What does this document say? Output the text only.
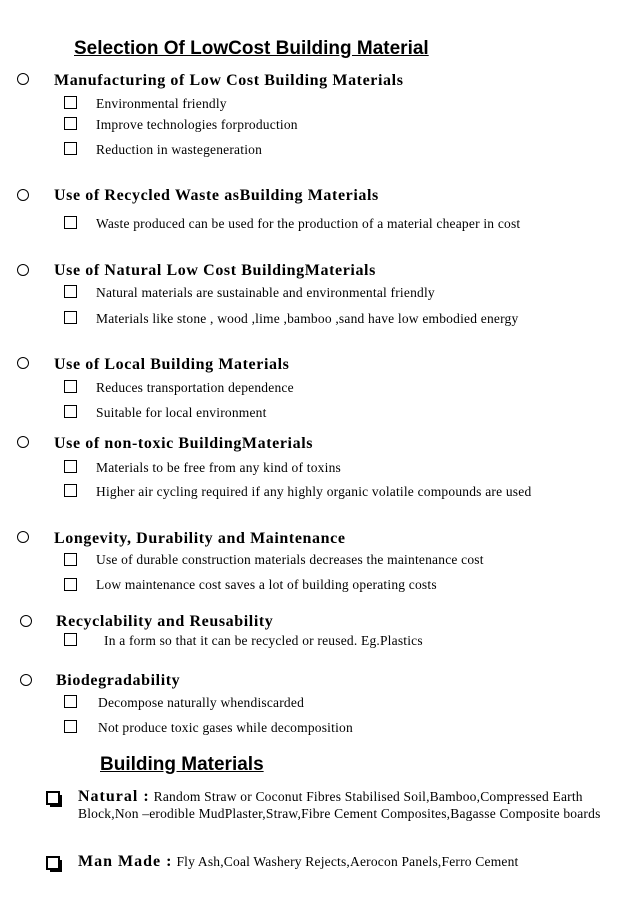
Selection Of LowCost Building Material
Manufacturing of Low Cost Building Materials
Environmental friendly
Improve technologies forproduction
Reduction in wastegeneration
Use of Recycled Waste asBuilding Materials
Waste produced can be used for the production of a material cheaper in cost
Use of Natural Low Cost BuildingMaterials
Natural materials are sustainable and environmental friendly
Materials like stone , wood ,lime ,bamboo ,sand have low embodied energy
Use of Local Building Materials
Reduces transportation dependence
Suitable for local environment
Use of non-toxic BuildingMaterials
Materials to be free from any kind of toxins
Higher air cycling required if any highly organic volatile compounds are used
Longevity, Durability and Maintenance
Use of durable construction materials decreases the maintenance cost
Low maintenance cost saves a lot of building operating costs
Recyclability and Reusability
In a form so that it can be recycled or reused. Eg.Plastics
Biodegradability
Decompose naturally whendiscarded
Not produce toxic gases while decomposition
Building Materials
Natural : Random Straw or Coconut Fibres Stabilised Soil,Bamboo,Compressed Earth Block,Non –erodible MudPlaster,Straw,Fibre Cement Composites,Bagasse Composite boards
Man Made : Fly Ash,Coal Washery Rejects,Aerocon Panels,Ferro Cement
